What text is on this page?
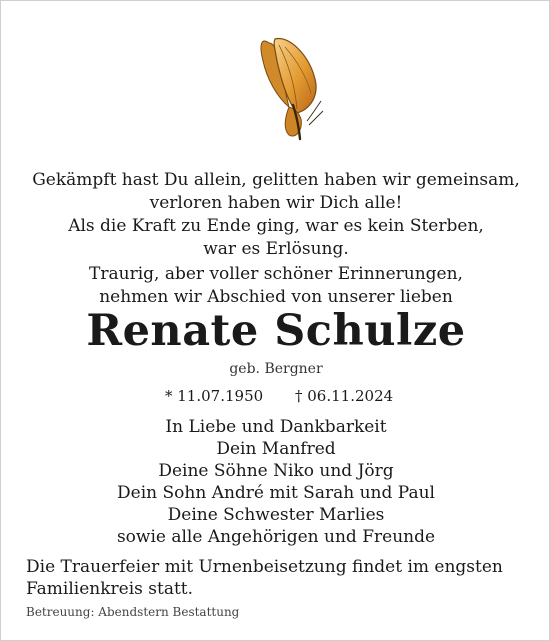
Gekämpft hast Du allein, gelitten haben wir gemeinsam,
verloren haben wir Dich alle!
Als die Kraft zu Ende ging, war es kein Sterben,
war es Erlösung.
Traurig, aber voller schöner Erinnerungen,
nehmen wir Abschied von unserer lieben
Renate Schulze
geb. Bergner
* 11.07.1950 † 06.11.2024
In Liebe und Dankbarkeit
Dein Manfred
Deine Söhne Niko und Jörg
Dein Sohn André mit Sarah und Paul
Deine Schwester Marlies
sowie alle Angehörigen und Freunde
Die Trauerfeier mit Urnenbeisetzung findet im engsten
Familienkreis statt.
Betreuung: Abendstern Bestattung
